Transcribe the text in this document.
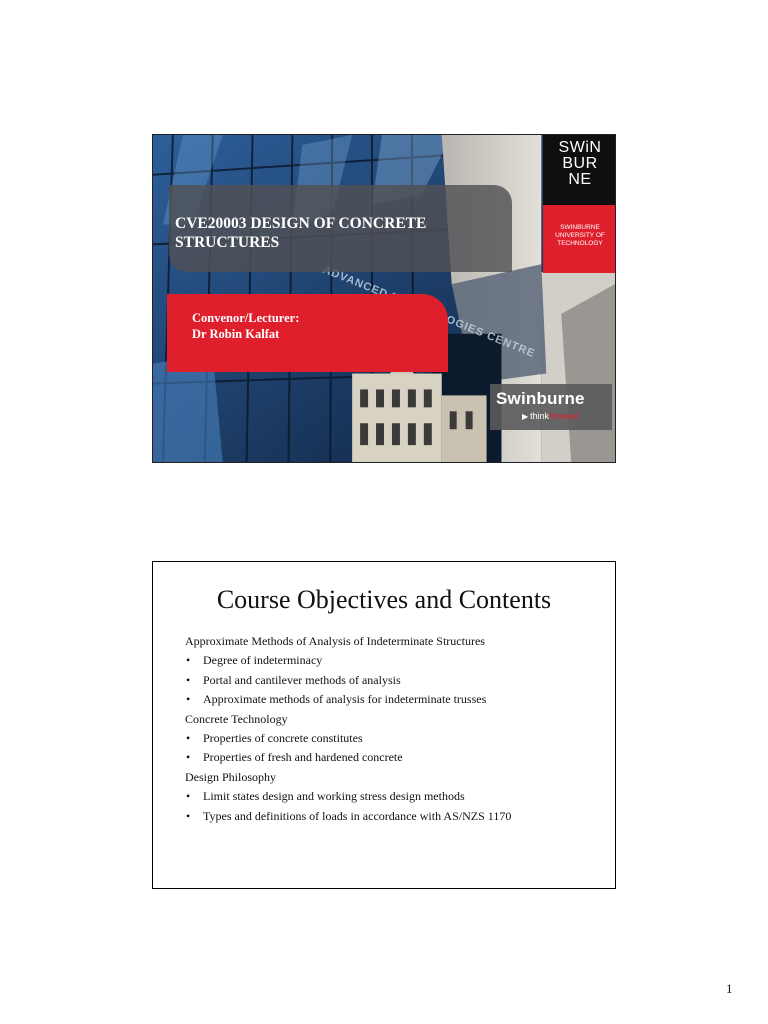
ADVANCED CENTRE
CVE20003 DESIGN OF CONCRETE STRUCTURES
Convenor/Lecturer:
Dr Robin Kalfat
SWiN
BUR
NE
SWINBURNE
UNIVERSITY OF
TECHNOLOGY
Swinburne
▶ thinkforward
Course Objectives and Contents
Approximate Methods of Analysis of Indeterminate Structures
• Degree of indeterminacy
• Portal and cantilever methods of analysis
• Approximate methods of analysis for indeterminate trusses
Concrete Technology
• Properties of concrete constitutes
• Properties of fresh and hardened concrete
Design Philosophy
• Limit states design and working stress design methods
• Types and definitions of loads in accordance with AS/NZS 1170
1
